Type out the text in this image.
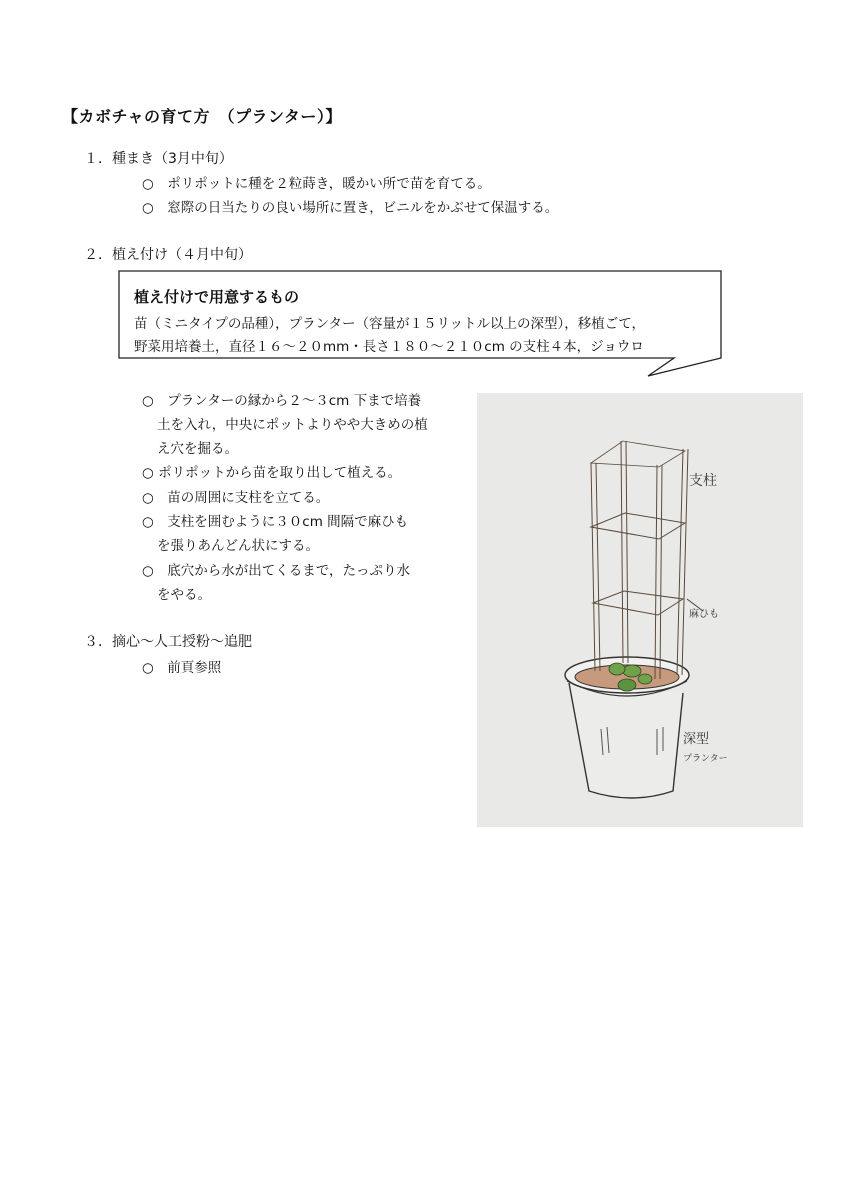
【カボチャの育て方　（プランター）】
１．種まき（3月中旬）
○　ポリポットに種を２粒蒔き，暖かい所で苗を育てる。
○　窓際の日当たりの良い場所に置き，ビニルをかぶせて保温する。
２．植え付け（４月中旬）
植え付けで用意するもの
苗（ミニタイプの品種），プランター（容量が１５リットル以上の深型），移植ごて，
野菜用培養土，直径１６～２０mm・長さ１８０～２１０cm の支柱４本，ジョウロ
○　プランターの縁から２～３cm 下まで培養
土を入れ，中央にポットよりやや大きめの植
え穴を掘る。
○ ポリポットから苗を取り出して植える。
○　苗の周囲に支柱を立てる。
○　支柱を囲むように３０cm 間隔で麻ひも
を張りあんどん状にする。
○　底穴から水が出てくるまで，たっぷり水
をやる。
３．摘心～人工授粉～追肥
○　前頁参照
支柱
麻ひも
深型
プランター
